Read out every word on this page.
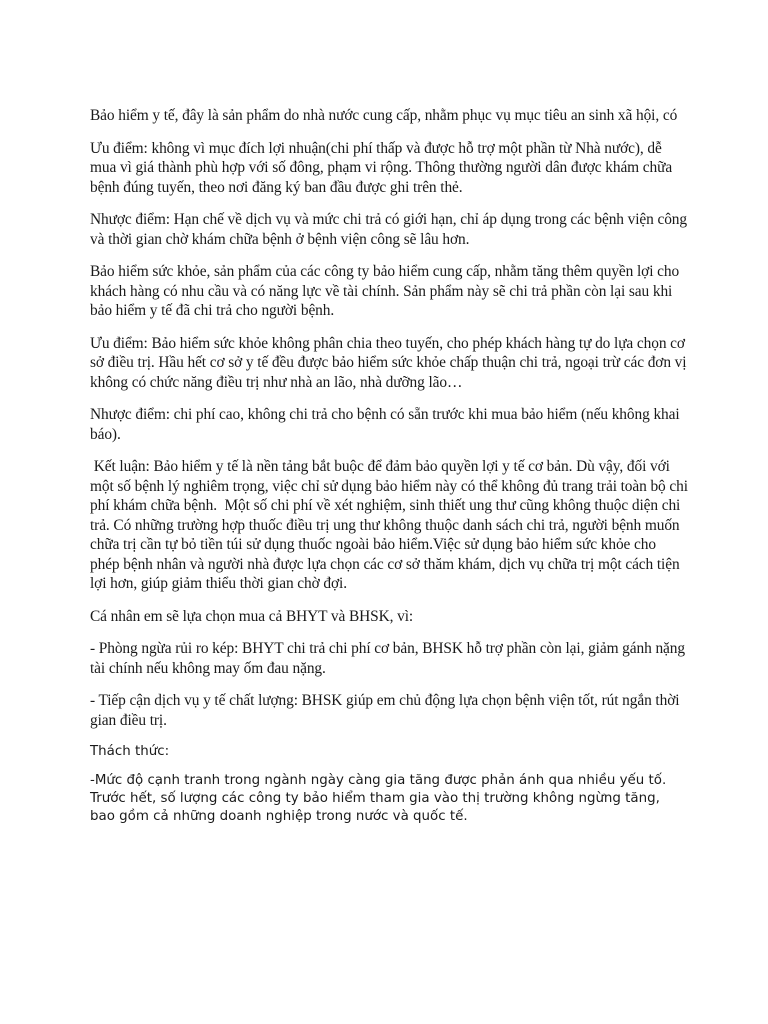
Bảo hiểm y tế, đây là sản phẩm do nhà nước cung cấp, nhằm phục vụ mục tiêu an sinh xã hội, có

Ưu điểm: không vì mục đích lợi nhuận(chi phí thấp và được hỗ trợ một phần từ Nhà nước), dễ mua vì giá thành phù hợp với số đông, phạm vi rộng. Thông thường người dân được khám chữa bệnh đúng tuyến, theo nơi đăng ký ban đầu được ghi trên thẻ.

Nhược điểm: Hạn chế về dịch vụ và mức chi trả có giới hạn, chỉ áp dụng trong các bệnh viện công và thời gian chờ khám chữa bệnh ở bệnh viện công sẽ lâu hơn.

Bảo hiểm sức khỏe, sản phẩm của các công ty bảo hiểm cung cấp, nhằm tăng thêm quyền lợi cho khách hàng có nhu cầu và có năng lực về tài chính. Sản phẩm này sẽ chi trả phần còn lại sau khi bảo hiểm y tế đã chi trả cho người bệnh.

Ưu điểm: Bảo hiểm sức khỏe không phân chia theo tuyến, cho phép khách hàng tự do lựa chọn cơ sở điều trị. Hầu hết cơ sở y tế đều được bảo hiểm sức khỏe chấp thuận chi trả, ngoại trừ các đơn vị không có chức năng điều trị như nhà an lão, nhà dưỡng lão…

Nhược điểm: chi phí cao, không chi trả cho bệnh có sẵn trước khi mua bảo hiểm (nếu không khai báo).

Kết luận: Bảo hiểm y tế là nền tảng bắt buộc để đảm bảo quyền lợi y tế cơ bản. Dù vậy, đối với một số bệnh lý nghiêm trọng, việc chỉ sử dụng bảo hiểm này có thể không đủ trang trải toàn bộ chi phí khám chữa bệnh.  Một số chi phí về xét nghiệm, sinh thiết ung thư cũng không thuộc diện chi trả. Có những trường hợp thuốc điều trị ung thư không thuộc danh sách chi trả, người bệnh muốn chữa trị cần tự bỏ tiền túi sử dụng thuốc ngoài bảo hiểm.Việc sử dụng bảo hiểm sức khỏe cho phép bệnh nhân và người nhà được lựa chọn các cơ sở thăm khám, dịch vụ chữa trị một cách tiện lợi hơn, giúp giảm thiểu thời gian chờ đợi.

Cá nhân em sẽ lựa chọn mua cả BHYT và BHSK, vì:

- Phòng ngừa rủi ro kép: BHYT chi trả chi phí cơ bản, BHSK hỗ trợ phần còn lại, giảm gánh nặng tài chính nếu không may ốm đau nặng.

- Tiếp cận dịch vụ y tế chất lượng: BHSK giúp em chủ động lựa chọn bệnh viện tốt, rút ngắn thời gian điều trị.

Thách thức:

-Mức độ cạnh tranh trong ngành ngày càng gia tăng được phản ánh qua nhiều yếu tố. Trước hết, số lượng các công ty bảo hiểm tham gia vào thị trường không ngừng tăng, bao gồm cả những doanh nghiệp trong nước và quốc tế.
